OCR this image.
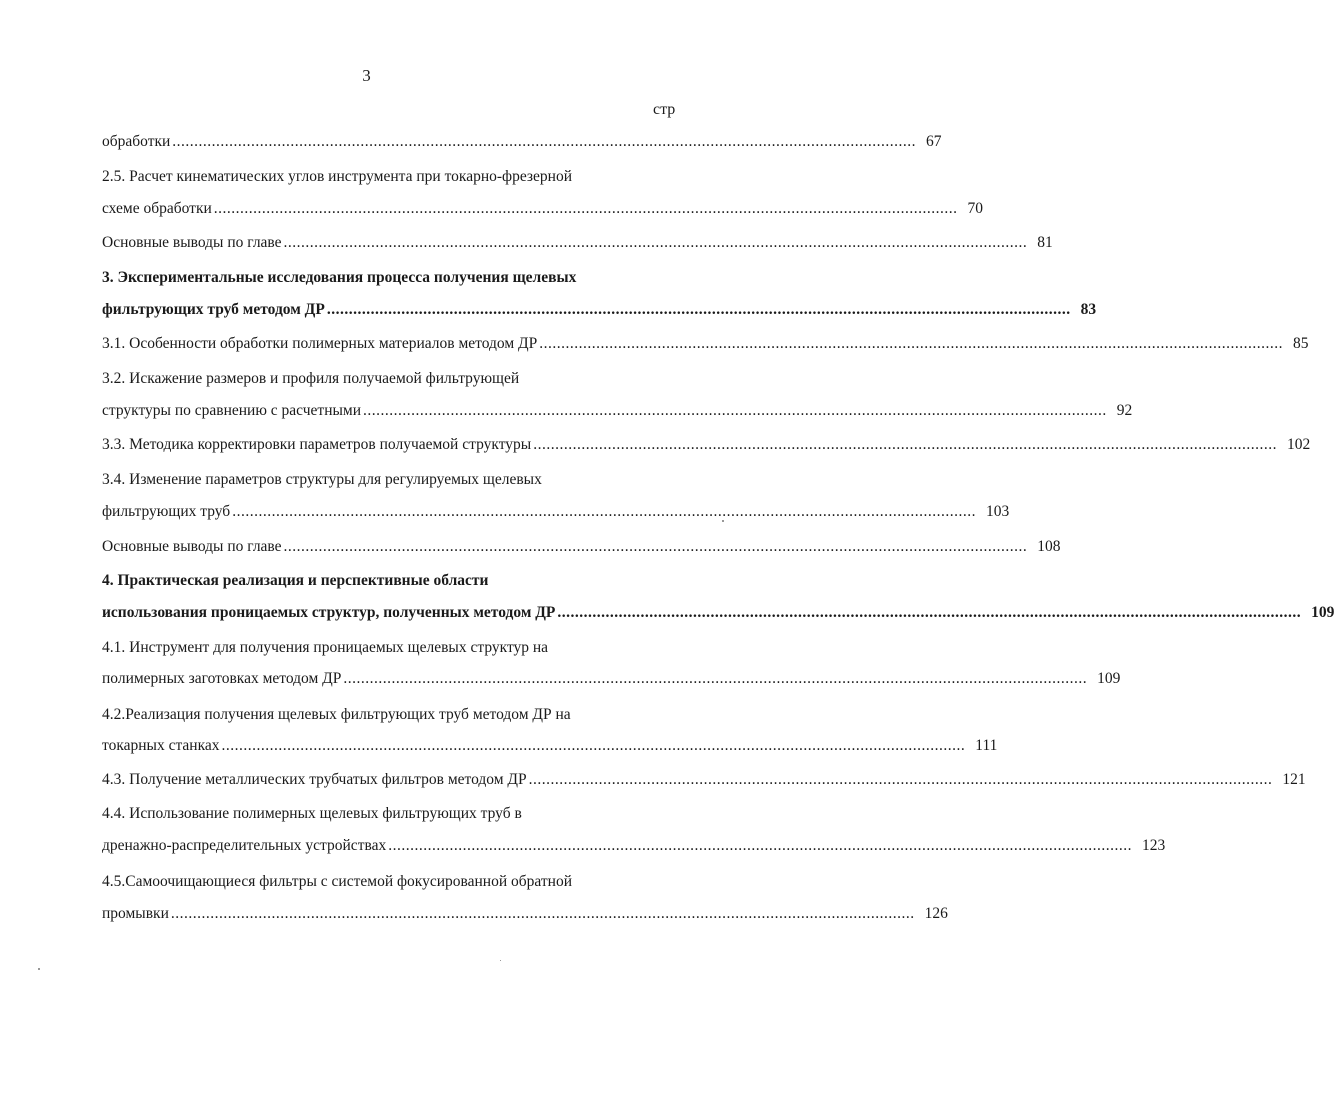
3
стр
обработки .......................................................................................................................................................................... 67
2.5. Расчет кинематических углов инструмента при токарно-фрезерной
схеме обработки .......................................................................................................................................................................... 70
Основные выводы по главе .......................................................................................................................................................................... 81
3. Экспериментальные исследования процесса получения щелевых
фильтрующих труб методом ДР .......................................................................................................................................................................... 83
3.1. Особенности обработки полимерных материалов методом ДР .......................................................................................................................................................................... 85
3.2. Искажение размеров и профиля получаемой фильтрующей
структуры по сравнению с расчетными .......................................................................................................................................................................... 92
3.3. Методика корректировки параметров получаемой структуры .......................................................................................................................................................................... 102
3.4. Изменение параметров структуры для регулируемых щелевых
фильтрующих труб .......................................................................................................................................................................... 103
Основные выводы по главе .......................................................................................................................................................................... 108
4. Практическая реализация и перспективные области
использования проницаемых структур, полученных методом ДР .......................................................................................................................................................................... 109
4.1. Инструмент для получения проницаемых щелевых структур на
полимерных заготовках методом ДР .......................................................................................................................................................................... 109
4.2.Реализация получения щелевых фильтрующих труб методом ДР на
токарных станках .......................................................................................................................................................................... 111
4.3. Получение металлических трубчатых фильтров методом ДР .......................................................................................................................................................................... 121
4.4. Использование полимерных щелевых фильтрующих труб в
дренажно-распределительных устройствах .......................................................................................................................................................................... 123
4.5.Самоочищающиеся фильтры с системой фокусированной обратной
промывки .......................................................................................................................................................................... 126
